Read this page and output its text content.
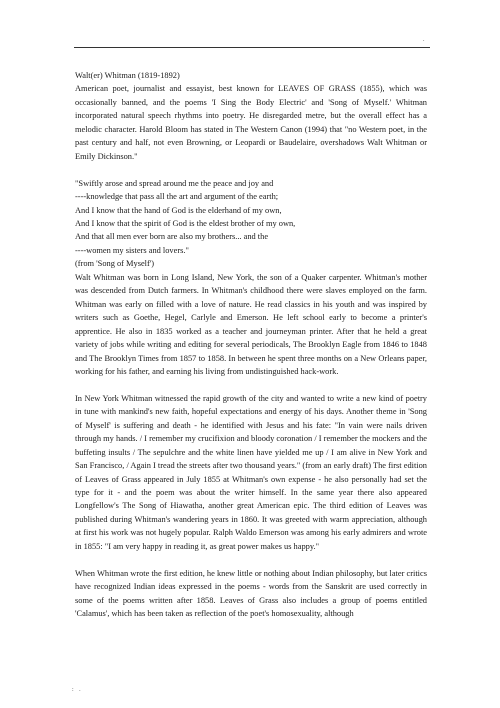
.

Walt(er) Whitman (1819-1892)

American poet, journalist and essayist, best known for LEAVES OF GRASS (1855), which was occasionally banned, and the poems 'I Sing the Body Electric' and 'Song of Myself.' Whitman incorporated natural speech rhythms into poetry. He disregarded metre, but the overall effect has a melodic character. Harold Bloom has stated in The Western Canon (1994) that "no Western poet, in the past century and half, not even Browning, or Leopardi or Baudelaire, overshadows Walt Whitman or Emily Dickinson."

"Swiftly arose and spread around me the peace and joy and

----knowledge that pass all the art and argument of the earth;

And I know that the hand of God is the elderhand of my own,

And I know that the spirit of God is the eldest brother of my own,

And that all men ever born are also my brothers... and the

----women my sisters and lovers."

(from 'Song of Myself')

Walt Whitman was born in Long Island, New York, the son of a Quaker carpenter. Whitman's mother was descended from Dutch farmers. In Whitman's childhood there were slaves employed on the farm. Whitman was early on filled with a love of nature. He read classics in his youth and was inspired by writers such as Goethe, Hegel, Carlyle and Emerson. He left school early to become a printer's apprentice. He also in 1835 worked as a teacher and journeyman printer. After that he held a great variety of jobs while writing and editing for several periodicals, The Brooklyn Eagle from 1846 to 1848 and The Brooklyn Times from 1857 to 1858. In between he spent three months on a New Orleans paper, working for his father, and earning his living from undistinguished hack-work.

In New York Whitman witnessed the rapid growth of the city and wanted to write a new kind of poetry in tune with mankind's new faith, hopeful expectations and energy of his days. Another theme in 'Song of Myself' is suffering and death - he identified with Jesus and his fate: "In vain were nails driven through my hands. / I remember my crucifixion and bloody coronation / I remember the mockers and the buffeting insults / The sepulchre and the white linen have yielded me up / I am alive in New York and San Francisco, / Again I tread the streets after two thousand years." (from an early draft) The first edition of Leaves of Grass appeared in July 1855 at Whitman's own expense - he also personally had set the type for it - and the poem was about the writer himself. In the same year there also appeared Longfellow's The Song of Hiawatha, another great American epic. The third edition of Leaves was published during Whitman's wandering years in 1860. It was greeted with warm appreciation, although at first his work was not hugely popular. Ralph Waldo Emerson was among his early admirers and wrote in 1855: "I am very happy in reading it, as great power makes us happy."

When Whitman wrote the first edition, he knew little or nothing about Indian philosophy, but later critics have recognized Indian ideas expressed in the poems - words from the Sanskrit are used correctly in some of the poems written after 1858. Leaves of Grass also includes a group of poems entitled 'Calamus', which has been taken as reflection of the poet's homosexuality, although

: .
